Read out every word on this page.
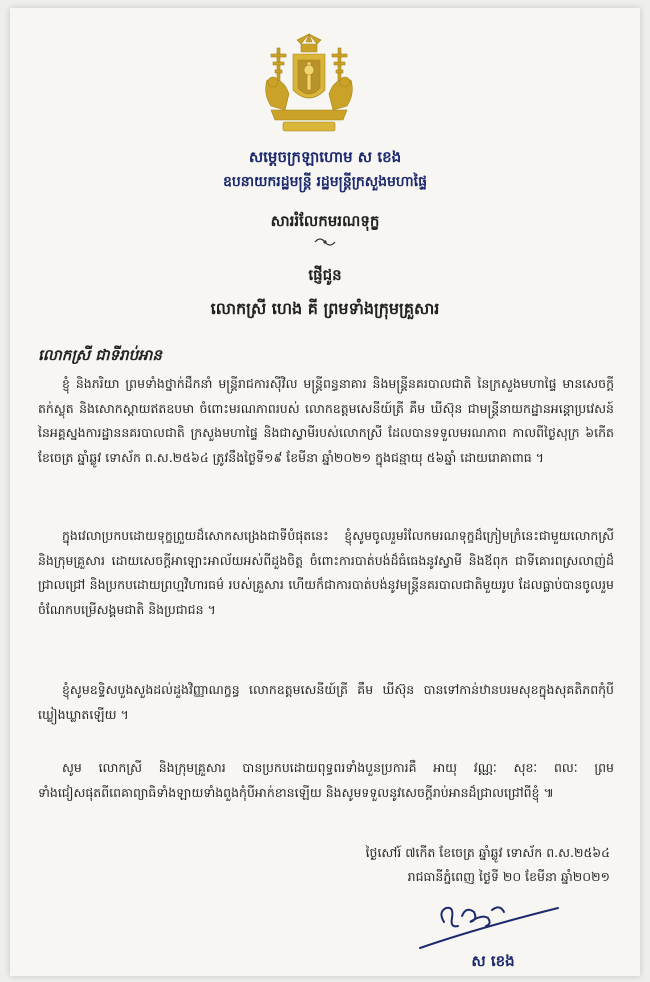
សម្តេចក្រឡាហោម ស ខេង
ឧបនាយករដ្ឋមន្ត្រី រដ្ឋមន្ត្រីក្រសួងមហាផ្ទៃ
សាររំលែកមរណទុក្ខ
ផ្ញើជូន
លោកស្រី ហេង គី ព្រមទាំងក្រុមគ្រួសារ
លោកស្រី ជាទីរាប់អាន
ខ្ញុំ និងភរិយា ព្រមទាំងថ្នាក់ដឹកនាំ មន្ត្រីរាជការស៊ីវិល មន្ត្រីពន្ធនាគារ និងមន្ត្រីនគរបាលជាតិ នៃក្រសួងមហាផ្ទៃ មានសេចក្តីតក់ស្លុត និងសោកស្តាយឥតឧបមា ចំពោះមរណភាពរបស់ លោកឧត្តមសេនីយ៍ត្រី គឹម ឃីស៊ុន ជាមន្ត្រីនាយកដ្ឋានអន្តោប្រវេសន៍ នៃអគ្គស្នងការដ្ឋាននគរបាលជាតិ ក្រសួងមហាផ្ទៃ និងជាស្វាមីរបស់លោកស្រី ដែលបានទទួលមរណភាព កាលពីថ្ងៃសុក្រ ៦កើត ខែចេត្រ ឆ្នាំឆ្លូវ ទោស័ក ព.ស.២៥៦៤ ត្រូវនឹងថ្ងៃទី១៩ ខែមីនា ឆ្នាំ២០២១ ក្នុងជន្មាយុ ៥៦ឆ្នាំ ដោយរោគាពាធ ។
ក្នុងវេលាប្រកបដោយទុក្ខព្រួយដ៏សោកសង្រេងជាទីបំផុតនេះ ខ្ញុំសូមចូលរួមរំលែកមរណទុក្ខដ៏ក្រៀមក្រំនេះជាមួយលោកស្រី និងក្រុមគ្រួសារ ដោយសេចក្តីអាឡោះអាល័យអស់ពីដួងចិត្ត ចំពោះការបាត់បង់ដ៏ធំធេងនូវស្វាមី និងឪពុក ជាទីគោរពស្រលាញ់ដ៏ជ្រាលជ្រៅ និងប្រកបដោយព្រហ្មវិហារធម៌ របស់គ្រួសារ ហើយក៏ជាការបាត់បង់នូវមន្ត្រីនគរបាលជាតិមួយរូប ដែលធ្លាប់បានចូលរួមចំណែកបម្រើសង្គមជាតិ និងប្រជាជន ។
ខ្ញុំសូមឧទ្ទិសបួងសួងដល់ដួងវិញ្ញាណក្ខន្ធ លោកឧត្តមសេនីយ៍ត្រី គឹម ឃីស៊ុន បានទៅកាន់ឋានបរមសុខក្នុងសុគតិភពកុំបីឃ្លៀងឃ្លាតឡើយ ។
សូម លោកស្រី និងក្រុមគ្រួសារ បានប្រកបដោយពុទ្ធពរទាំងបួនប្រការគឺ អាយុ វណ្ណៈ សុខៈ ពលៈ ព្រមទាំងជៀសផុតពីពេគាព្យាធិទាំងឡាយទាំងពួងកុំបីអាក់ខានឡើយ និងសូមទទួលនូវសេចក្តីរាប់អានដ៏ជ្រាលជ្រៅពីខ្ញុំ ៕
ថ្ងៃសៅរ៍ ៧កើត ខែចេត្រ ឆ្នាំឆ្លូវ ទោស័ក ព.ស.២៥៦៤
រាជធានីភ្នំពេញ ថ្ងៃទី ២០ ខែមីនា ឆ្នាំ២០២១
ស ខេង
